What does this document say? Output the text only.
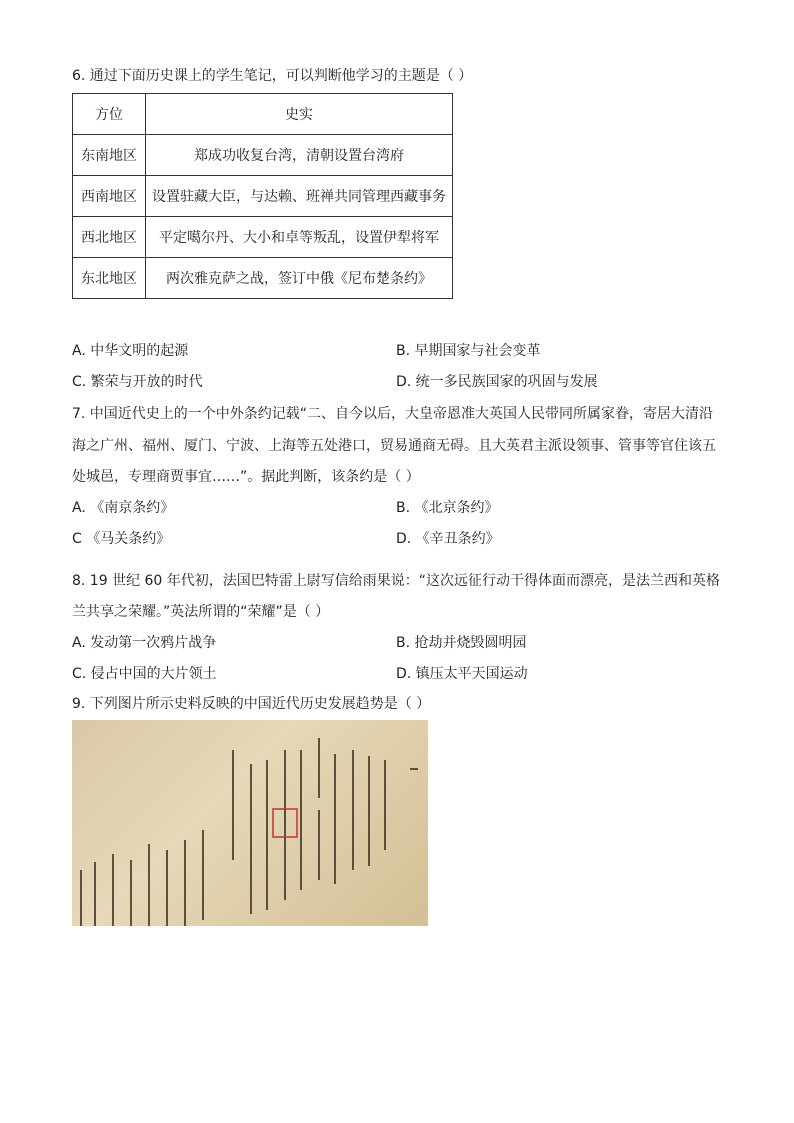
6. 通过下面历史课上的学生笔记，可以判断他学习的主题是（ ）
方位	史实
东南地区	郑成功收复台湾，清朝设置台湾府
西南地区	设置驻藏大臣，与达赖、班禅共同管理西藏事务
西北地区	平定噶尔丹、大小和卓等叛乱，设置伊犁将军
东北地区	两次雅克萨之战，签订中俄《尼布楚条约》
A. 中华文明的起源	B. 早期国家与社会变革
C. 繁荣与开放的时代	D. 统一多民族国家的巩固与发展
7. 中国近代史上的一个中外条约记载“二、自今以后，大皇帝恩准大英国人民带同所属家眷，寄居大清沿
海之广州、福州、厦门、宁波、上海等五处港口，贸易通商无碍。且大英君主派设领事、管事等官住该五
处城邑，专理商贾事宜……”。据此判断，该条约是（ ）
A. 《南京条约》	B. 《北京条约》
C 《马关条约》	D. 《辛丑条约》
8. 19 世纪 60 年代初，法国巴特雷上尉写信给雨果说：“这次远征行动干得体面而漂亮，是法兰西和英格
兰共享之荣耀。”英法所谓的“荣耀”是（ ）
A. 发动第一次鸦片战争	B. 抢劫并烧毁圆明园
C. 侵占中国的大片领土	D. 镇压太平天国运动
9. 下列图片所示史料反映的中国近代历史发展趋势是（ ）
